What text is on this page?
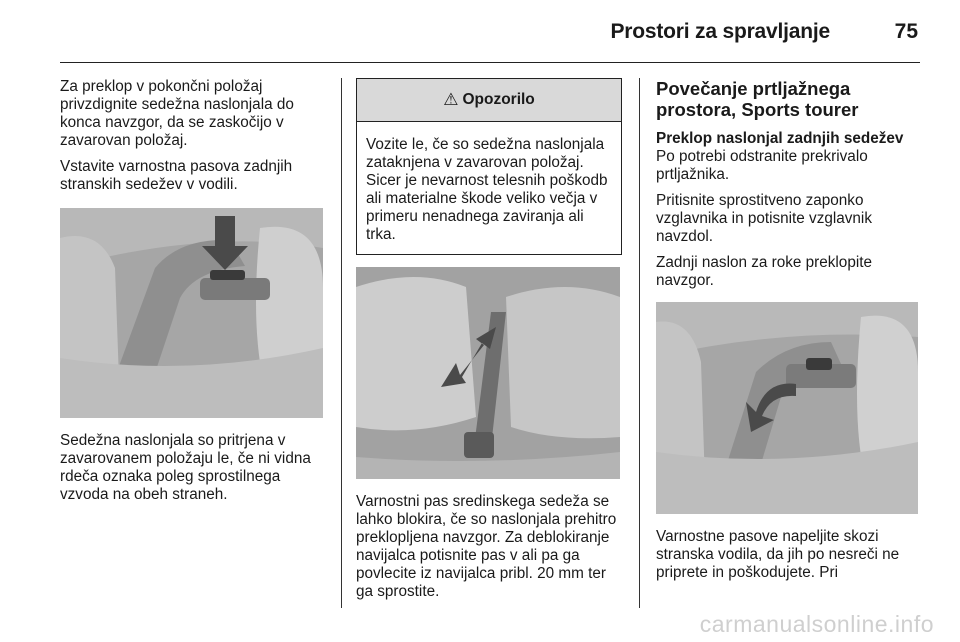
Prostori za spravljanje	75

Za preklop v pokončni položaj privzdignite sedežna naslonjala do konca navzgor, da se zaskočijo v zavarovan položaj.

Vstavite varnostna pasova zadnjih stranskih sedežev v vodili.

Sedežna naslonjala so pritrjena v zavarovanem položaju le, če ni vidna rdeča oznaka poleg sprostilnega vzvoda na obeh straneh.

⚠ Opozorilo
Vozite le, če so sedežna naslonjala zataknjena v zavarovan položaj. Sicer je nevarnost telesnih poškodb ali materialne škode veliko večja v primeru nenadnega zaviranja ali trka.

Varnostni pas sredinskega sedeža se lahko blokira, če so naslonjala prehitro preklopljena navzgor. Za deblokiranje navijalca potisnite pas v ali pa ga povlecite iz navijalca pribl. 20 mm ter ga sprostite.

Povečanje prtljažnega prostora, Sports tourer
Preklop naslonjal zadnjih sedežev

Po potrebi odstranite prekrivalo prtljažnika.

Pritisnite sprostitveno zaponko vzglavnika in potisnite vzglavnik navzdol.

Zadnji naslon za roke preklopite navzgor.

Varnostne pasove napeljite skozi stranska vodila, da jih po nesreči ne priprete in poškodujete. Pri

carmanualsonline.info
